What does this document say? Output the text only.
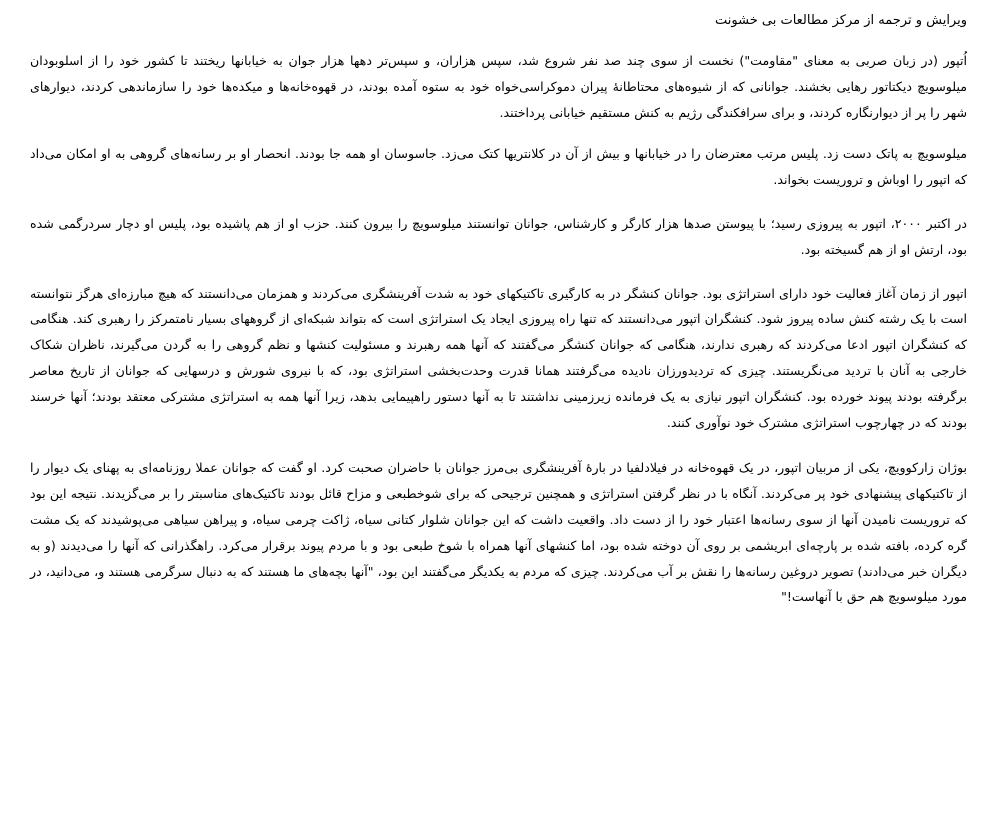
ویرایش و ترجمه از مرکز مطالعات بی خشونت

اُتپور (در زبان صربی به معنای "مقاومت") نخست از سوی چند صد نفر شروع شد، سپس هزاران، و سپس‌تر دهها هزار جوان به خیابانها ریختند تا کشور خود را از اسلوبودان میلوسویچ دیکتاتور رهایی بخشند. جوانانی که از شیوه‌های محتاطانهٔ پیران دموکراسی‌خواه خود به ستوه آمده بودند، در قهوه‌خانه‌ها و میکده‌ها خود را سازماندهی کردند، دیوارهای شهر را پر از دیوارنگاره کردند، و برای سرافکندگی رژیم به کنش مستقیم خیابانی پرداختند.

میلوسویچ به پاتک دست زد. پلیس مرتب معترضان را در خیابانها و بیش از آن در کلانتریها کتک می‌زد. جاسوسان او همه جا بودند. انحصار او بر رسانه‌های گروهی به او امکان می‌داد که اتپور را اوباش و تروریست بخواند.

در اکتبر ۲۰۰۰، اتپور به پیروزی رسید؛ با پیوستن صدها هزار کارگر و کارشناس، جوانان توانستند میلوسویچ را بیرون کنند. حزب او از هم پاشیده بود، پلیس او دچار سردرگمی شده بود، ارتش او از هم گسیخته بود.

اتپور از زمان آغاز فعالیت خود دارای استراتژی بود. جوانان کنشگر در به کارگیری تاکتیکهای خود به شدت آفرینشگری می‌کردند و همزمان می‌دانستند که هیچ مبارزه‌ای هرگز نتوانسته است با یک رشته کنش ساده پیروز شود. کنشگران اتپور می‌دانستند که تنها راه پیروزی ایجاد یک استراتژی است که بتواند شبکه‌ای از گروههای بسیار نامتمرکز را رهبری کند. هنگامی که کنشگران اتپور ادعا می‌کردند که رهبری ندارند، هنگامی که جوانان کنشگر می‌گفتند که آنها همه رهبرند و مسئولیت کنشها و نظم گروهی را به گردن می‌گیرند، ناظران شکاک خارجی به آنان با تردید می‌نگریستند. چیزی که تردیدورزان نادیده می‌گرفتند همانا قدرت وحدت‌بخشی استراتژی بود، که با نیروی شورش و درسهایی که جوانان از تاریخ معاصر برگرفته بودند پیوند خورده بود. کنشگران اتپور نیازی به یک فرمانده زیرزمینی نداشتند تا به آنها دستور راهپیمایی بدهد، زیرا آنها همه به استراتژی مشترکی معتقد بودند؛ آنها خرسند بودند که در چهارچوب استراتژی مشترک خود نوآوری کنند.

بوژان زارکوویچ، یکی از مربیان اتپور، در یک قهوه‌خانه در فیلادلفیا در بارهٔ آفرینشگری بی‌مرز جوانان با حاضران صحبت کرد. او گفت که جوانان عملا روزنامه‌ای به پهنای یک دیوار را از تاکتیکهای پیشنهادی خود پر می‌کردند. آنگاه با در نظر گرفتن استراتژی و همچنین ترجیحی که برای شوخطبعی و مزاح قائل بودند تاکتیک‌های مناسبتر را بر می‌گزیدند. نتیجه این بود که تروریست نامیدن آنها از سوی رسانه‌ها اعتبار خود را از دست داد. واقعیت داشت که این جوانان شلوار کتانی سیاه، ژاکت چرمی سیاه، و پیراهن سیاهی می‌پوشیدند که یک مشت گره کرده، بافته شده بر پارچه‌ای ابریشمی بر روی آن دوخته شده بود، اما کنشهای آنها همراه با شوخ طبعی بود و با مردم پیوند برقرار می‌کرد. راهگذرانی که آنها را می‌دیدند (و به دیگران خبر می‌دادند) تصویر دروغین رسانه‌ها را نقش بر آب می‌کردند. چیزی که مردم به یکدیگر می‌گفتند این بود، "آنها بچه‌های ما هستند که به دنبال سرگرمی هستند و، می‌دانید، در مورد میلوسویچ هم حق با آنهاست!"
